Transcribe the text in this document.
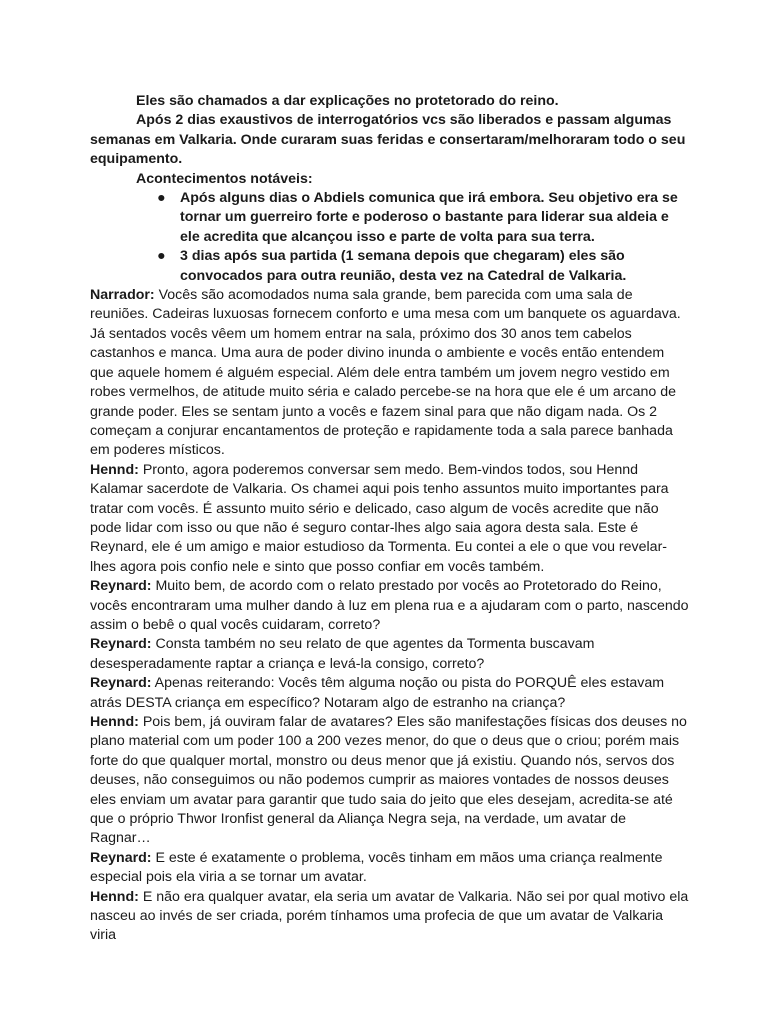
Eles são chamados a dar explicações no protetorado do reino.

Após 2 dias exaustivos de interrogatórios vcs são liberados e passam algumas semanas em Valkaria. Onde curaram suas feridas e consertaram/melhoraram todo o seu equipamento.

Acontecimentos notáveis:

● Após alguns dias o Abdiels comunica que irá embora. Seu objetivo era se tornar um guerreiro forte e poderoso o bastante para liderar sua aldeia e ele acredita que alcançou isso e parte de volta para sua terra.
● 3 dias após sua partida (1 semana depois que chegaram) eles são convocados para outra reunião, desta vez na Catedral de Valkaria.

Narrador: Vocês são acomodados numa sala grande, bem parecida com uma sala de reuniões. Cadeiras luxuosas fornecem conforto e uma mesa com um banquete os aguardava. Já sentados vocês vêem um homem entrar na sala, próximo dos 30 anos tem cabelos castanhos e manca. Uma aura de poder divino inunda o ambiente e vocês então entendem que aquele homem é alguém especial. Além dele entra também um jovem negro vestido em robes vermelhos, de atitude muito séria e calado percebe-se na hora que ele é um arcano de grande poder. Eles se sentam junto a vocês e fazem sinal para que não digam nada. Os 2 começam a conjurar encantamentos de proteção e rapidamente toda a sala parece banhada em poderes místicos.

Hennd: Pronto, agora poderemos conversar sem medo. Bem-vindos todos, sou Hennd Kalamar sacerdote de Valkaria. Os chamei aqui pois tenho assuntos muito importantes para tratar com vocês. É assunto muito sério e delicado, caso algum de vocês acredite que não pode lidar com isso ou que não é seguro contar-lhes algo saia agora desta sala. Este é Reynard, ele é um amigo e maior estudioso da Tormenta. Eu contei a ele o que vou revelar-lhes agora pois confio nele e sinto que posso confiar em vocês também.

Reynard: Muito bem, de acordo com o relato prestado por vocês ao Protetorado do Reino, vocês encontraram uma mulher dando à luz em plena rua e a ajudaram com o parto, nascendo assim o bebê o qual vocês cuidaram, correto?

Reynard: Consta também no seu relato de que agentes da Tormenta buscavam desesperadamente raptar a criança e levá-la consigo, correto?

Reynard: Apenas reiterando: Vocês têm alguma noção ou pista do PORQUÊ eles estavam atrás DESTA criança em específico? Notaram algo de estranho na criança?

Hennd: Pois bem, já ouviram falar de avatares? Eles são manifestações físicas dos deuses no plano material com um poder 100 a 200 vezes menor, do que o deus que o criou; porém mais forte do que qualquer mortal, monstro ou deus menor que já existiu. Quando nós, servos dos deuses, não conseguimos ou não podemos cumprir as maiores vontades de nossos deuses eles enviam um avatar para garantir que tudo saia do jeito que eles desejam, acredita-se até que o próprio Thwor Ironfist general da Aliança Negra seja, na verdade, um avatar de Ragnar…

Reynard: E este é exatamente o problema, vocês tinham em mãos uma criança realmente especial pois ela viria a se tornar um avatar.

Hennd: E não era qualquer avatar, ela seria um avatar de Valkaria. Não sei por qual motivo ela nasceu ao invés de ser criada, porém tínhamos uma profecia de que um avatar de Valkaria viria
